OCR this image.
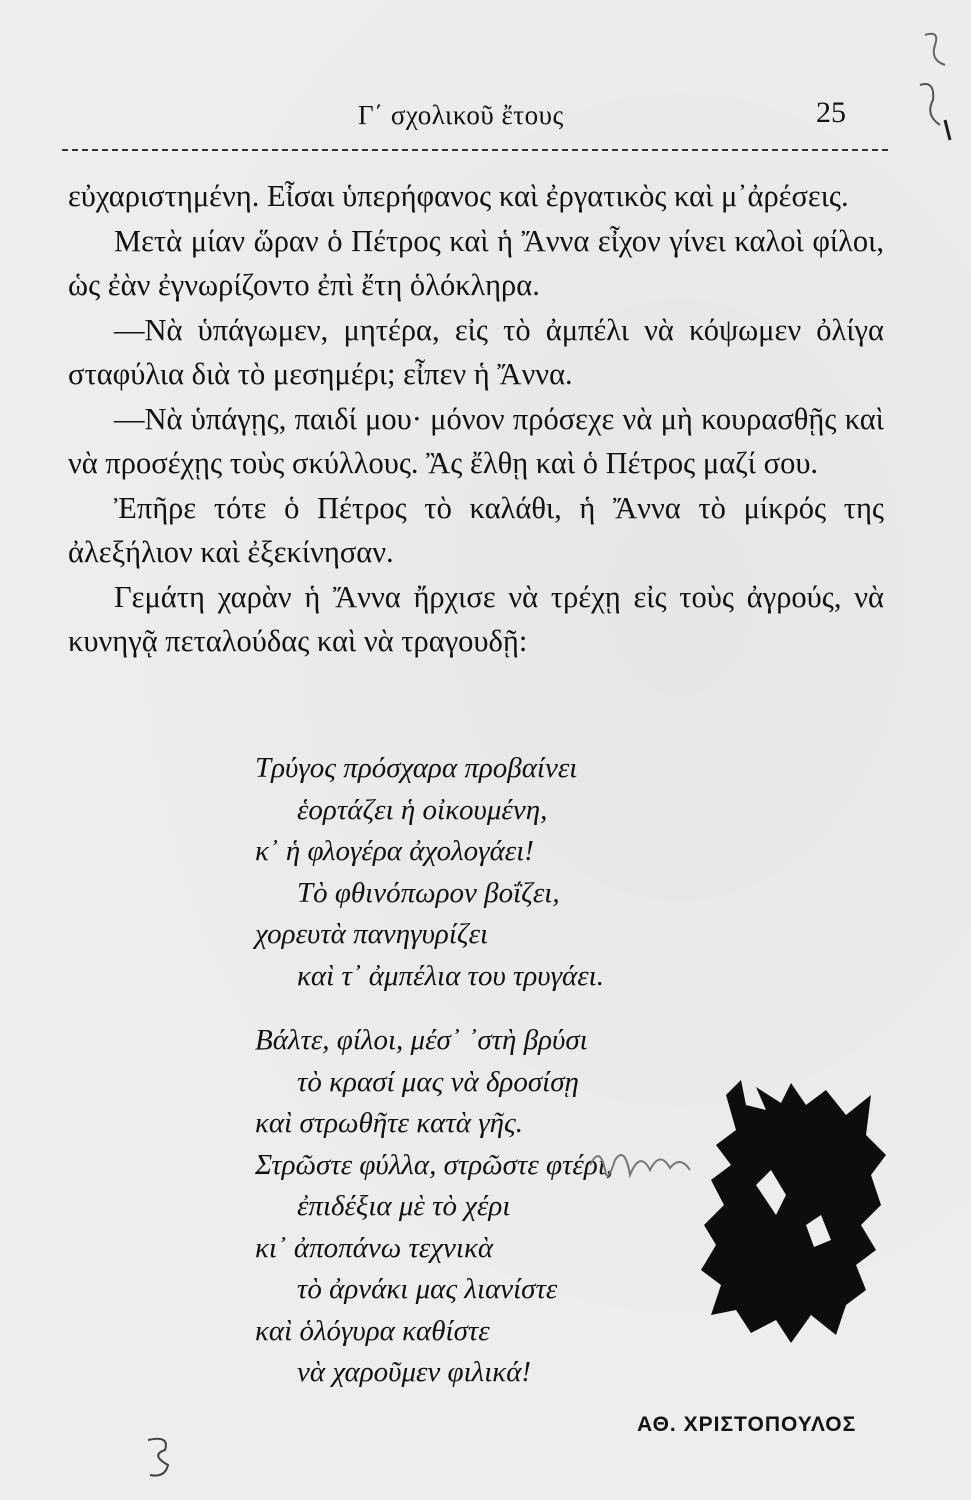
Γ΄ σχολικοῦ ἔτους	25

εὐχαριστημένη. Εἶσαι ὑπερήφανος καὶ ἐργατικὸς καὶ μ᾿ἀρέσεις.

Μετὰ μίαν ὥραν ὁ Πέτρος καὶ ἡ Ἄννα εἶχον γίνει καλοὶ φίλοι, ὡς ἐὰν ἐγνωρίζοντο ἐπὶ ἔτη ὁλόκληρα.

—Νὰ ὑπάγωμεν, μητέρα, εἰς τὸ ἀμπέλι νὰ κόψωμεν ὀλίγα σταφύλια διὰ τὸ μεσημέρι; εἶπεν ἡ Ἄννα.

—Νὰ ὑπάγῃς, παιδί μου· μόνον πρόσεχε νὰ μὴ κουρασθῇς καὶ νὰ προσέχῃς τοὺς σκύλλους. Ἂς ἔλθῃ καὶ ὁ Πέτρος μαζί σου.

Ἐπῆρε τότε ὁ Πέτρος τὸ καλάθι, ἡ Ἄννα τὸ μίκρός της ἀλεξήλιον καὶ ἐξεκίνησαν.

Γεμάτη χαρὰν ἡ Ἄννα ἤρχισε νὰ τρέχῃ εἰς τοὺς ἀγρούς, νὰ κυνηγᾷ πεταλούδας καὶ νὰ τραγουδῇ:

Τρύγος πρόσχαρα προβαίνει
ἑορτάζει ἡ οἰκουμένη,
κ᾿ ἡ φλογέρα ἀχολογάει!
Τὸ φθινόπωρον βοΐζει,
χορευτὰ πανηγυρίζει
καὶ τ᾿ ἀμπέλια του τρυγάει.
Βάλτε, φίλοι, μέσ᾿ ᾿στὴ βρύσι
τὸ κρασί μας νὰ δροσίσῃ
καὶ στρωθῆτε κατὰ γῆς.
Στρῶστε φύλλα, στρῶστε φτέρι,
ἐπιδέξια μὲ τὸ χέρι
κι᾿ ἀποπάνω τεχνικὰ
τὸ ἀρνάκι μας λιανίστε
καὶ ὁλόγυρα καθίστε
νὰ χαροῦμεν φιλικά!
ΑΘ. ΧΡΙΣΤΟΠΟΥΛΟΣ
